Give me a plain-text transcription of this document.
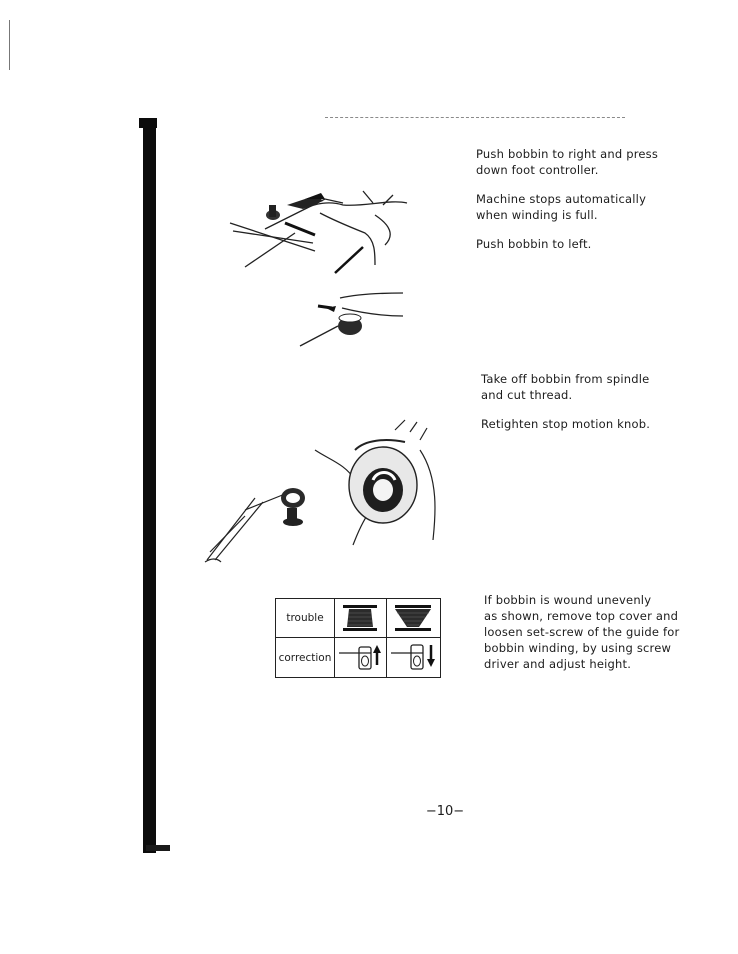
Push bobbin to right and press
down foot controller.

Machine stops automatically
when winding is full.

Push bobbin to left.

Take off bobbin from spindle
and cut thread.

Retighten stop motion knob.

If bobbin is wound unevenly
as shown, remove top cover and
loosen set-screw of the guide for
bobbin winding, by using screw
driver and adjust height.

trouble
correction

−10−
